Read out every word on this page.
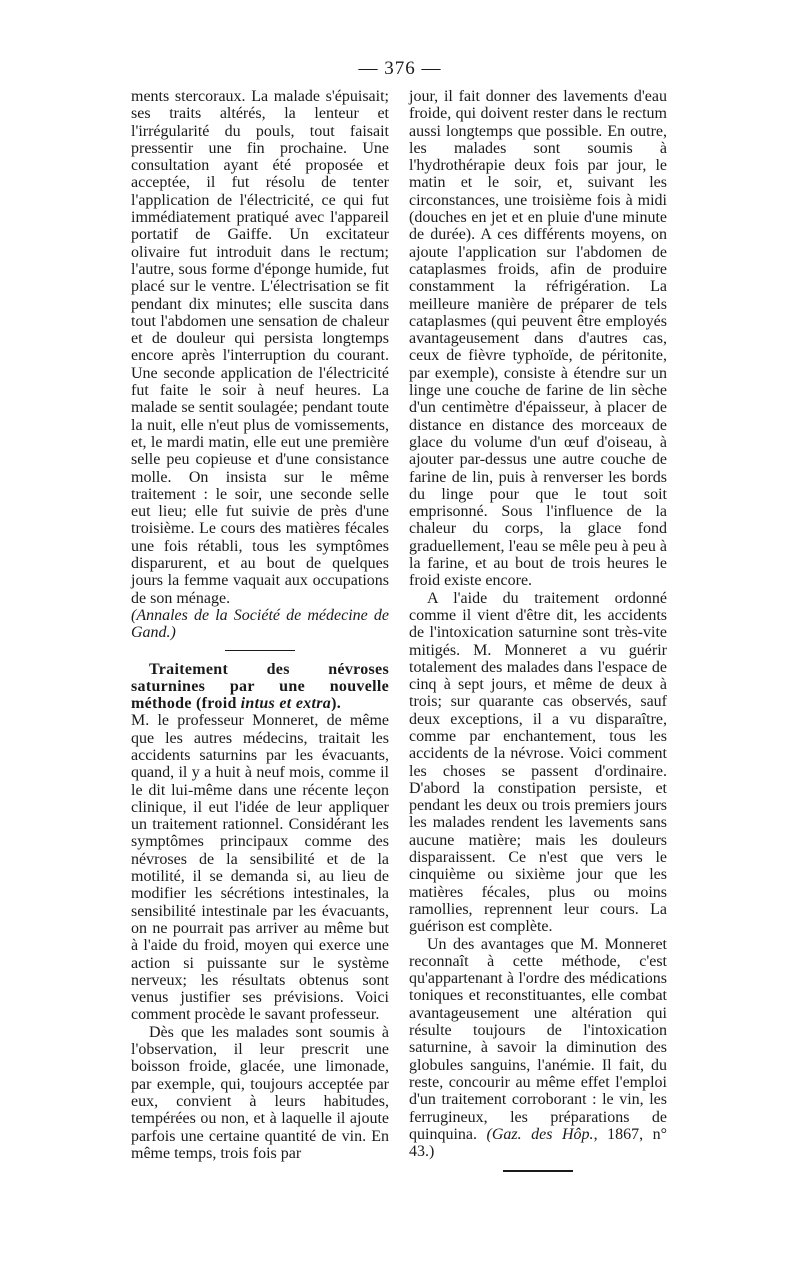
— 376 —

ments stercoraux. La malade s'épuisait; ses traits altérés, la lenteur et l'irrégularité du pouls, tout faisait pressentir une fin prochaine. Une consultation ayant été proposée et acceptée, il fut résolu de tenter l'application de l'électricité, ce qui fut immédiatement pratiqué avec l'appareil portatif de Gaiffe. Un excitateur olivaire fut introduit dans le rectum; l'autre, sous forme d'éponge humide, fut placé sur le ventre. L'électrisation se fit pendant dix minutes; elle suscita dans tout l'abdomen une sensation de chaleur et de douleur qui persista longtemps encore après l'interruption du courant. Une seconde application de l'électricité fut faite le soir à neuf heures. La malade se sentit soulagée; pendant toute la nuit, elle n'eut plus de vomissements, et, le mardi matin, elle eut une première selle peu copieuse et d'une consistance molle. On insista sur le même traitement : le soir, une seconde selle eut lieu; elle fut suivie de près d'une troisième. Le cours des matières fécales une fois rétabli, tous les symptômes disparurent, et au bout de quelques jours la femme vaquait aux occupations de son ménage.

(Annales de la Société de médecine de Gand.)

Traitement des névroses saturnines par une nouvelle méthode (froid intus et extra).

M. le professeur Monneret, de même que les autres médecins, traitait les accidents saturnins par les évacuants, quand, il y a huit à neuf mois, comme il le dit lui-même dans une récente leçon clinique, il eut l'idée de leur appliquer un traitement rationnel. Considérant les symptômes principaux comme des névroses de la sensibilité et de la motilité, il se demanda si, au lieu de modifier les sécrétions intestinales, la sensibilité intestinale par les évacuants, on ne pourrait pas arriver au même but à l'aide du froid, moyen qui exerce une action si puissante sur le système nerveux; les résultats obtenus sont venus justifier ses prévisions. Voici comment procède le savant professeur.

Dès que les malades sont soumis à l'observation, il leur prescrit une boisson froide, glacée, une limonade, par exemple, qui, toujours acceptée par eux, convient à leurs habitudes, tempérées ou non, et à laquelle il ajoute parfois une certaine quantité de vin. En même temps, trois fois par

jour, il fait donner des lavements d'eau froide, qui doivent rester dans le rectum aussi longtemps que possible. En outre, les malades sont soumis à l'hydrothérapie deux fois par jour, le matin et le soir, et, suivant les circonstances, une troisième fois à midi (douches en jet et en pluie d'une minute de durée). A ces différents moyens, on ajoute l'application sur l'abdomen de cataplasmes froids, afin de produire constamment la réfrigération. La meilleure manière de préparer de tels cataplasmes (qui peuvent être employés avantageusement dans d'autres cas, ceux de fièvre typhoïde, de péritonite, par exemple), consiste à étendre sur un linge une couche de farine de lin sèche d'un centimètre d'épaisseur, à placer de distance en distance des morceaux de glace du volume d'un œuf d'oiseau, à ajouter par-dessus une autre couche de farine de lin, puis à renverser les bords du linge pour que le tout soit emprisonné. Sous l'influence de la chaleur du corps, la glace fond graduellement, l'eau se mêle peu à peu à la farine, et au bout de trois heures le froid existe encore.

A l'aide du traitement ordonné comme il vient d'être dit, les accidents de l'intoxication saturnine sont très-vite mitigés. M. Monneret a vu guérir totalement des malades dans l'espace de cinq à sept jours, et même de deux à trois; sur quarante cas observés, sauf deux exceptions, il a vu disparaître, comme par enchantement, tous les accidents de la névrose. Voici comment les choses se passent d'ordinaire. D'abord la constipation persiste, et pendant les deux ou trois premiers jours les malades rendent les lavements sans aucune matière; mais les douleurs disparaissent. Ce n'est que vers le cinquième ou sixième jour que les matières fécales, plus ou moins ramollies, reprennent leur cours. La guérison est complète.

Un des avantages que M. Monneret reconnaît à cette méthode, c'est qu'appartenant à l'ordre des médications toniques et reconstituantes, elle combat avantageusement une altération qui résulte toujours de l'intoxication saturnine, à savoir la diminution des globules sanguins, l'anémie. Il fait, du reste, concourir au même effet l'emploi d'un traitement corroborant : le vin, les ferrugineux, les préparations de quinquina. (Gaz. des Hôp., 1867, n° 43.)
